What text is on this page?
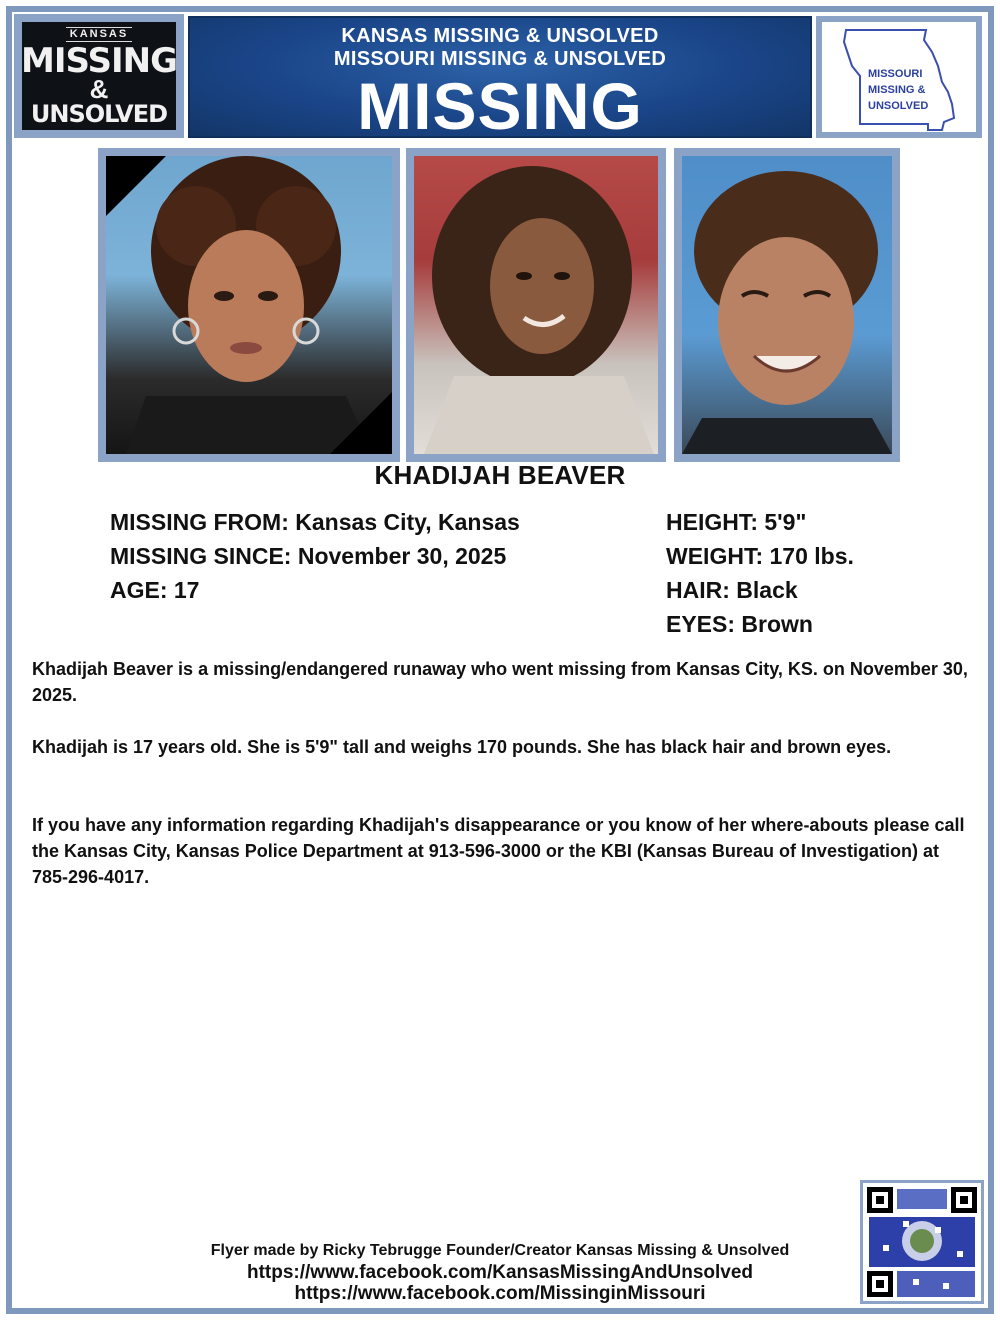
KANSAS
MISSING
&
UNSOLVED
KANSAS MISSING & UNSOLVED
MISSOURI MISSING & UNSOLVED
MISSING	MISSOURI
MISSING &
UNSOLVED
KHADIJAH BEAVER
MISSING FROM: Kansas City, Kansas
MISSING SINCE: November 30, 2025
AGE: 17
HEIGHT: 5'9"
WEIGHT: 170 lbs.
HAIR: Black
EYES: Brown
Khadijah Beaver is a missing/endangered runaway who went missing from Kansas City, KS. on November 30, 2025.
Khadijah is 17 years old. She is 5'9" tall and weighs 170 pounds. She has black hair and brown eyes.
If you have any information regarding Khadijah's disappearance or you know of her where-abouts please call the Kansas City, Kansas Police Department at 913-596-3000 or the KBI (Kansas Bureau of Investigation) at 785-296-4017.
Flyer made by Ricky Tebrugge Founder/Creator Kansas Missing & Unsolved
https://www.facebook.com/KansasMissingAndUnsolved
https://www.facebook.com/MissinginMissouri
